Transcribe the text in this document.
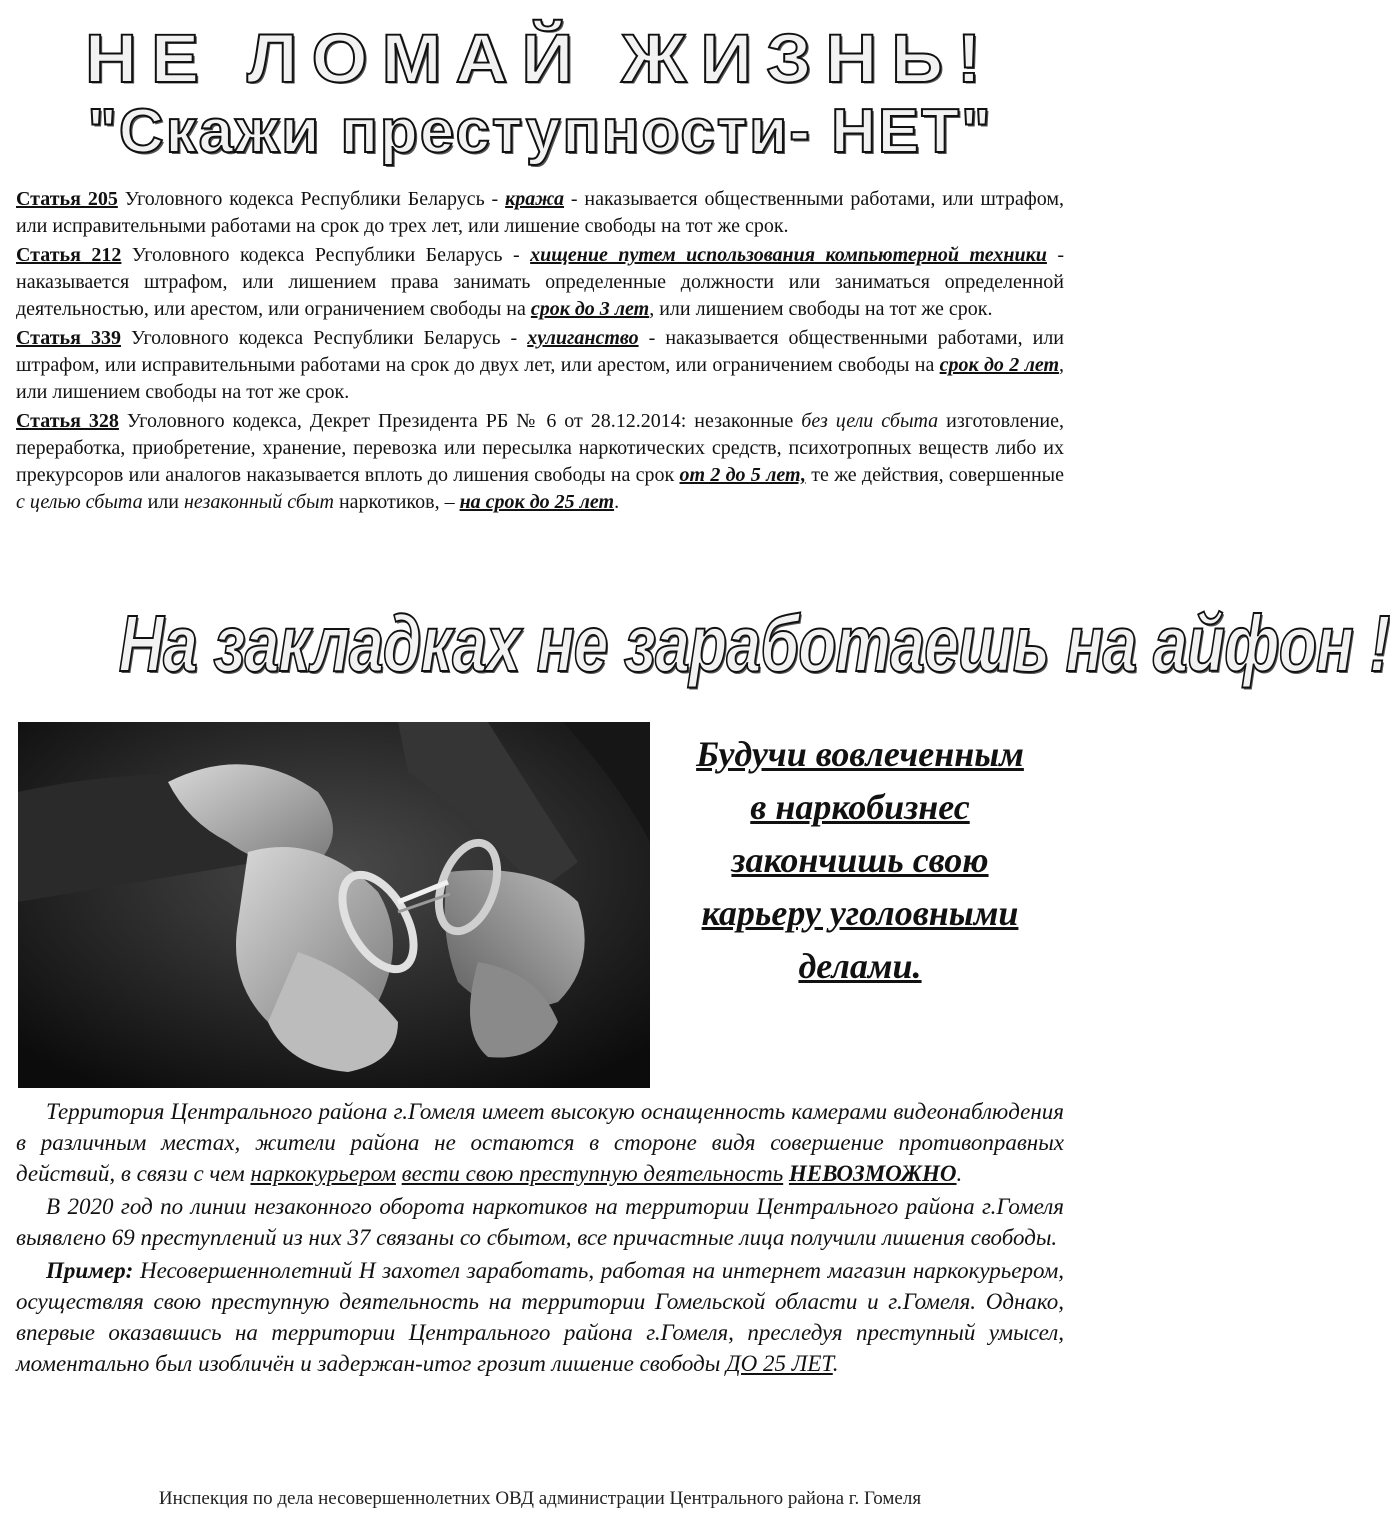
НЕ ЛОМАЙ ЖИЗНЬ!
"Скажи преступности- НЕТ"

Статья 205 Уголовного кодекса Республики Беларусь - кража - наказывается общественными работами, или штрафом, или исправительными работами на срок до трех лет, или лишение свободы на тот же срок.

Статья 212 Уголовного кодекса Республики Беларусь - хищение путем использования компьютерной техники - наказывается штрафом, или лишением права занимать определенные должности или заниматься определенной деятельностью, или арестом, или ограничением свободы на срок до 3 лет, или лишением свободы на тот же срок.

Статья 339 Уголовного кодекса Республики Беларусь - хулиганство - наказывается общественными работами, или штрафом, или исправительными работами на срок до двух лет, или арестом, или ограничением свободы на срок до 2 лет, или лишением свободы на тот же срок.

Статья 328 Уголовного кодекса, Декрет Президента РБ № 6 от 28.12.2014: незаконные без цели сбыта изготовление, переработка, приобретение, хранение, перевозка или пересылка наркотических средств, психотропных веществ либо их прекурсоров или аналогов наказывается вплоть до лишения свободы на срок от 2 до 5 лет, те же действия, совершенные с целью сбыта или незаконный сбыт наркотиков, – на срок до 25 лет.

На закладках не заработаешь на айфон !
Будучи вовлеченным
в наркобизнес
закончишь свою
карьеру уголовными
делами.

Территория Центрального района г.Гомеля имеет высокую оснащенность камерами видеонаблюдения в различным местах, жители района не остаются в стороне видя совершение противоправных действий, в связи с чем наркокурьером вести свою преступную деятельность НЕВОЗМОЖНО.

В 2020 год по линии незаконного оборота наркотиков на территории Центрального района г.Гомеля выявлено 69 преступлений из них 37 связаны со сбытом, все причастные лица получили лишения свободы.

Пример: Несовершеннолетний Н захотел заработать, работая на интернет магазин наркокурьером, осуществляя свою преступную деятельность на территории Гомельской области и г.Гомеля. Однако, впервые оказавшись на территории Центрального района г.Гомеля, преследуя преступный умысел, моментально был изобличён и задержан-итог грозит лишение свободы ДО 25 ЛЕТ.

Инспекция по дела несовершеннолетних ОВД администрации Центрального района г. Гомеля
